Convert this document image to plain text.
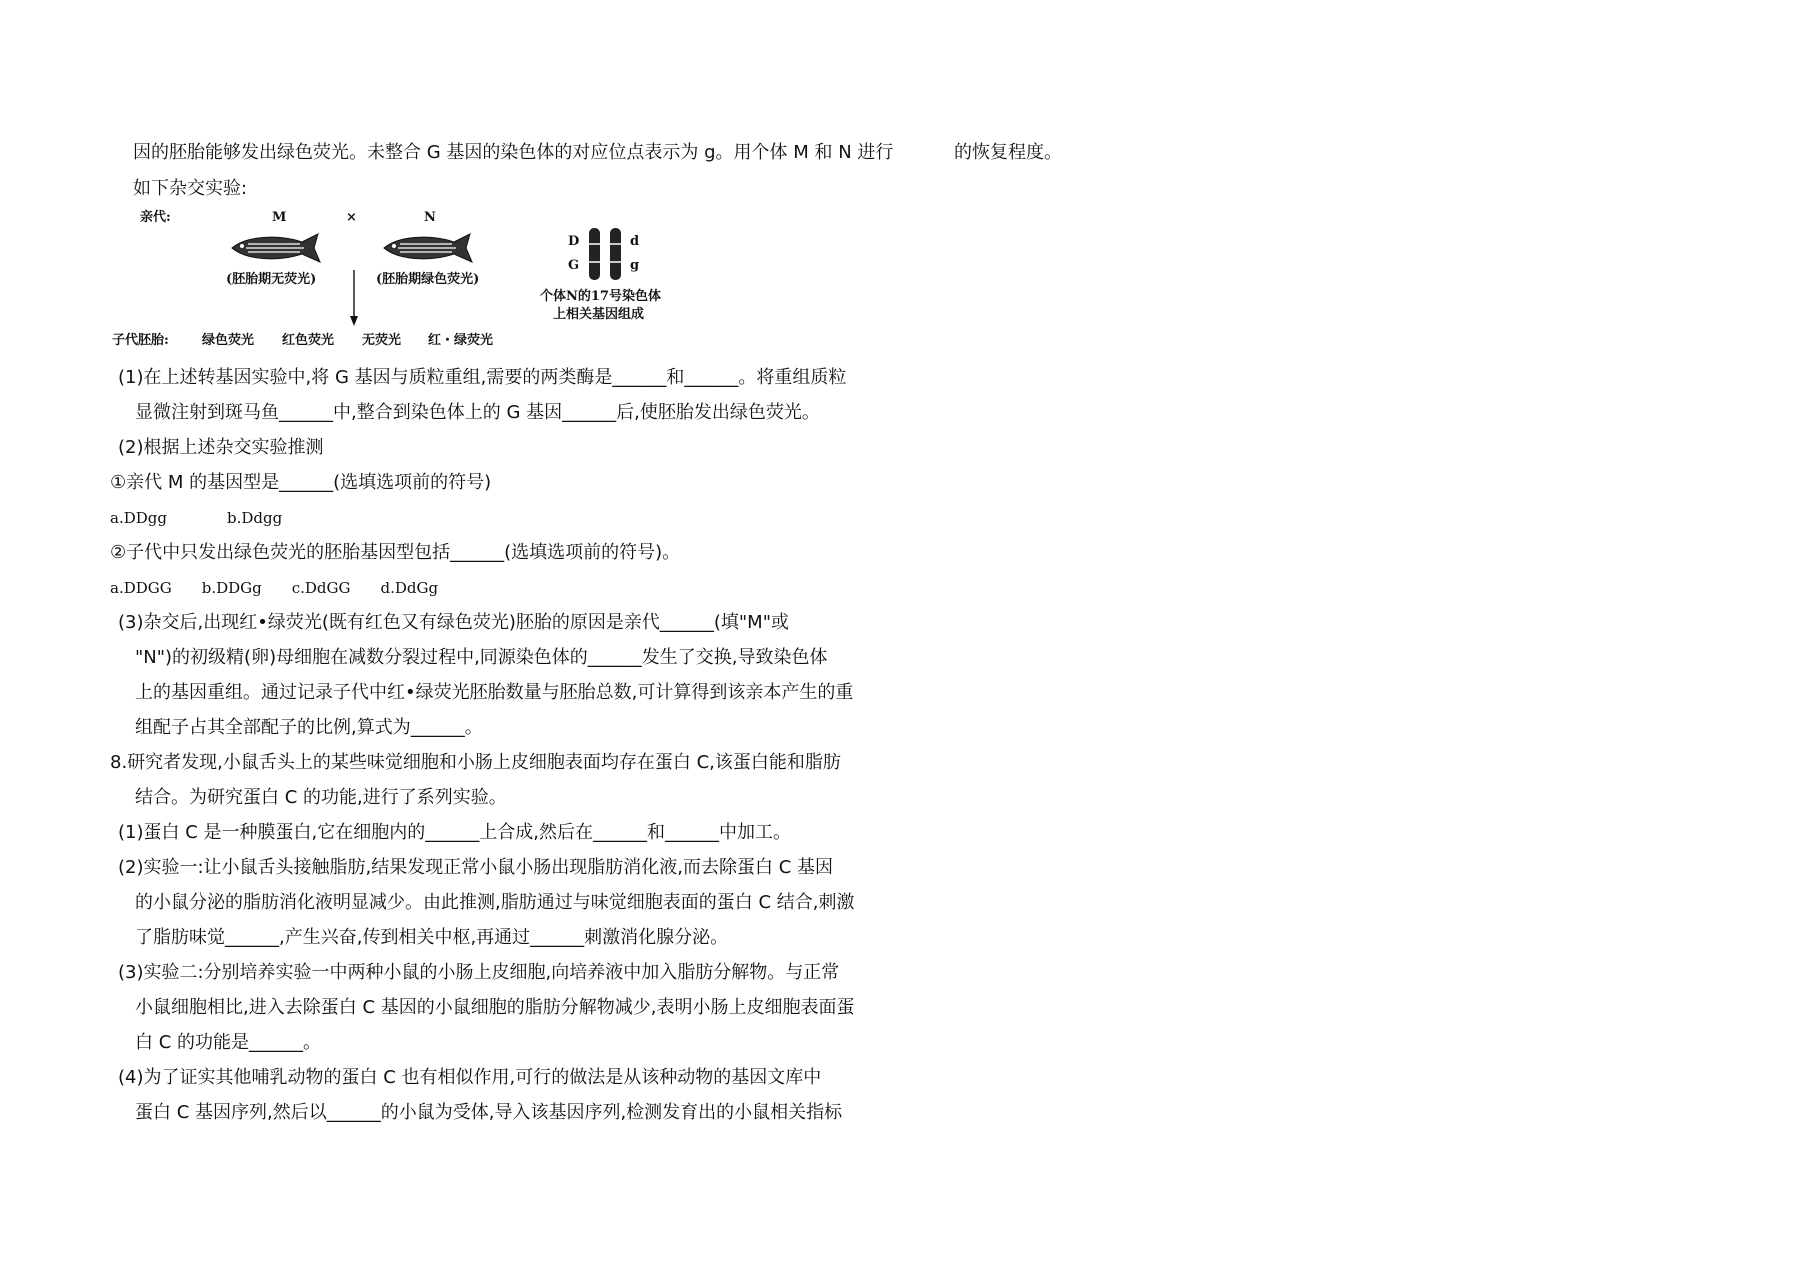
因的胚胎能够发出绿色荧光。未整合 G 基因的染色体的对应位点表示为 g。用个体 M 和 N 进行	的恢复程度。
如下杂交实验:
亲代:	M	×	N
(胚胎期无荧光)	(胚胎期绿色荧光)
D
G
d
g
个体N的17号染色体
上相关基因组成
子代胚胎:	绿色荧光 红色荧光 无荧光 红・绿荧光
(1)在上述转基因实验中,将 G 基因与质粒重组,需要的两类酶是______和______。将重组质粒
显微注射到斑马鱼______中,整合到染色体上的 G 基因______后,使胚胎发出绿色荧光。
(2)根据上述杂交实验推测
①亲代 M 的基因型是______(选填选项前的符号)
a.DDgg　　　　b.Ddgg
②子代中只发出绿色荧光的胚胎基因型包括______(选填选项前的符号)。
a.DDGG　　b.DDGg　　c.DdGG　　d.DdGg
(3)杂交后,出现红•绿荧光(既有红色又有绿色荧光)胚胎的原因是亲代______(填"M"或
"N")的初级精(卵)母细胞在减数分裂过程中,同源染色体的______发生了交换,导致染色体
上的基因重组。通过记录子代中红•绿荧光胚胎数量与胚胎总数,可计算得到该亲本产生的重
组配子占其全部配子的比例,算式为______。
8.研究者发现,小鼠舌头上的某些味觉细胞和小肠上皮细胞表面均存在蛋白 C,该蛋白能和脂肪
结合。为研究蛋白 C 的功能,进行了系列实验。
(1)蛋白 C 是一种膜蛋白,它在细胞内的______上合成,然后在______和______中加工。
(2)实验一:让小鼠舌头接触脂肪,结果发现正常小鼠小肠出现脂肪消化液,而去除蛋白 C 基因
的小鼠分泌的脂肪消化液明显减少。由此推测,脂肪通过与味觉细胞表面的蛋白 C 结合,刺激
了脂肪味觉______,产生兴奋,传到相关中枢,再通过______刺激消化腺分泌。
(3)实验二:分别培养实验一中两种小鼠的小肠上皮细胞,向培养液中加入脂肪分解物。与正常
小鼠细胞相比,进入去除蛋白 C 基因的小鼠细胞的脂肪分解物减少,表明小肠上皮细胞表面蛋
白 C 的功能是______。
(4)为了证实其他哺乳动物的蛋白 C 也有相似作用,可行的做法是从该种动物的基因文库中
蛋白 C 基因序列,然后以______的小鼠为受体,导入该基因序列,检测发育出的小鼠相关指标
